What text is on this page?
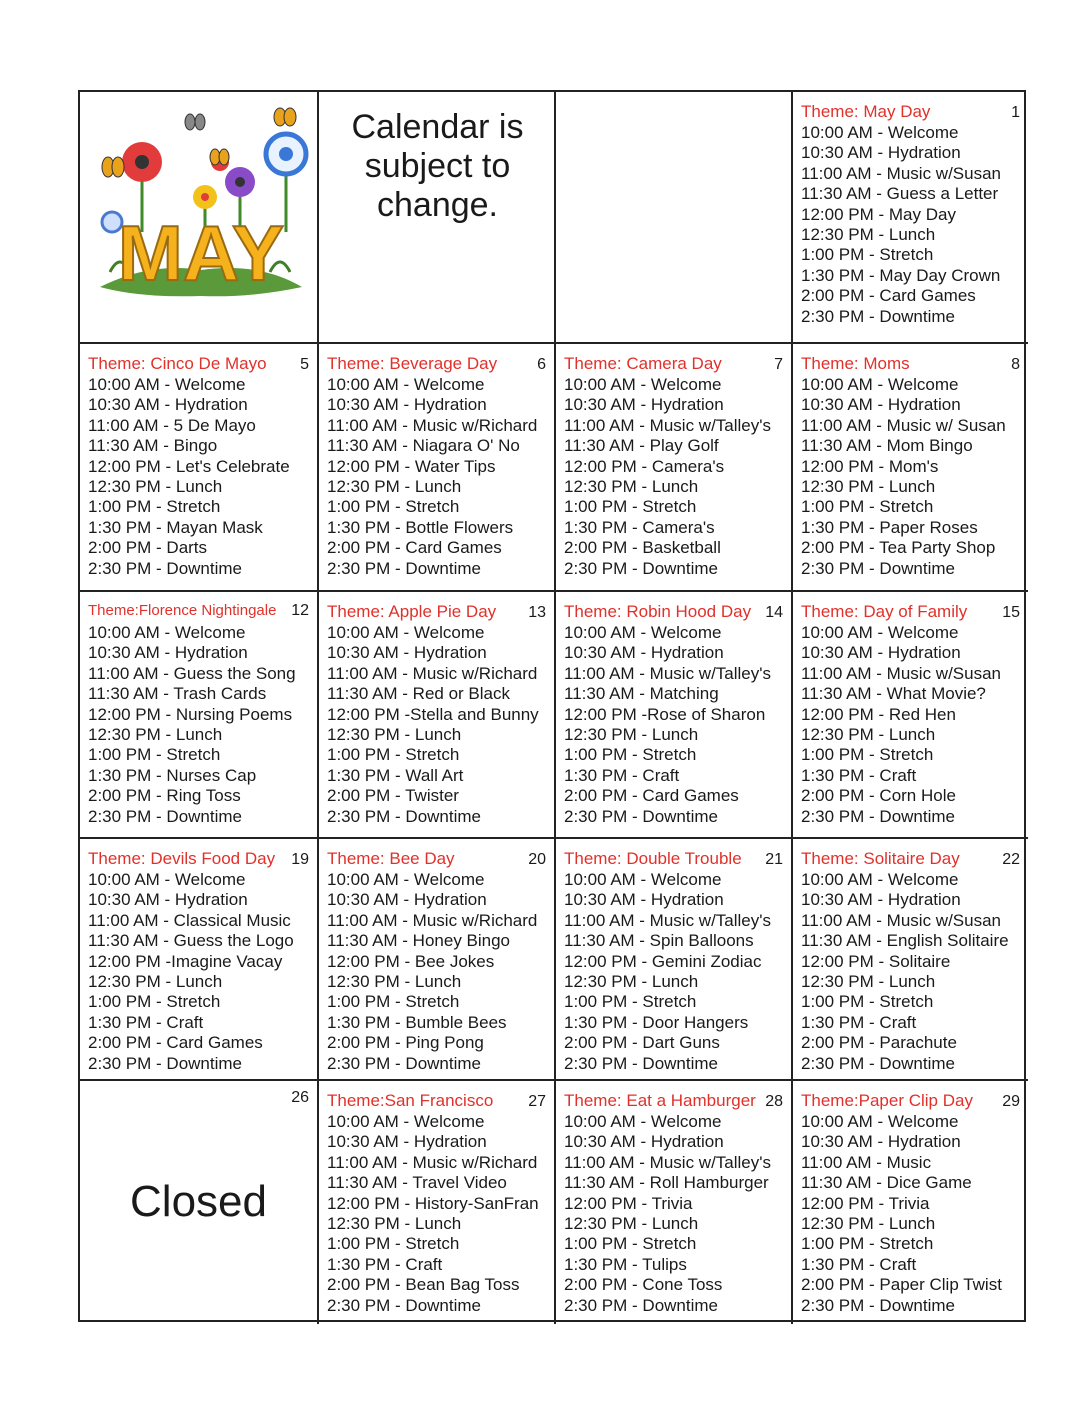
MAY
Calendar is
subject to
change.
Theme: May Day	1
10:00 AM - Welcome
10:30 AM - Hydration
11:00 AM - Music w/Susan
11:30 AM - Guess a Letter
12:00 PM - May Day
12:30 PM - Lunch
1:00 PM - Stretch
1:30 PM - May Day Crown
2:00 PM - Card Games
2:30 PM - Downtime
Theme: Cinco De Mayo 5
10:00 AM - Welcome
10:30 AM - Hydration
11:00 AM - 5 De Mayo
11:30 AM - Bingo
12:00 PM - Let's Celebrate
12:30 PM - Lunch
1:00 PM - Stretch
1:30 PM - Mayan Mask
2:00 PM - Darts
2:30 PM - Downtime
Theme: Beverage Day	6
10:00 AM - Welcome
10:30 AM - Hydration
11:00 AM - Music w/Richard
11:30 AM - Niagara O' No
12:00 PM - Water Tips
12:30 PM - Lunch
1:00 PM - Stretch
1:30 PM - Bottle Flowers
2:00 PM - Card Games
2:30 PM - Downtime
Theme: Camera Day	7
10:00 AM - Welcome
10:30 AM - Hydration
11:00 AM - Music w/Talley's
11:30 AM - Play Golf
12:00 PM - Camera's
12:30 PM - Lunch
1:00 PM - Stretch
1:30 PM - Camera's
2:00 PM - Basketball
2:30 PM - Downtime
Theme: Moms	8
10:00 AM - Welcome
10:30 AM - Hydration
11:00 AM - Music w/ Susan
11:30 AM - Mom Bingo
12:00 PM - Mom's
12:30 PM - Lunch
1:00 PM - Stretch
1:30 PM - Paper Roses
2:00 PM - Tea Party Shop
2:30 PM - Downtime
Theme:Florence Nightingale 12
10:00 AM - Welcome
10:30 AM - Hydration
11:00 AM - Guess the Song
11:30 AM - Trash Cards
12:00 PM - Nursing Poems
12:30 PM - Lunch
1:00 PM - Stretch
1:30 PM - Nurses Cap
2:00 PM - Ring Toss
2:30 PM - Downtime
Theme: Apple Pie Day 13
10:00 AM - Welcome
10:30 AM - Hydration
11:00 AM - Music w/Richard
11:30 AM - Red or Black
12:00 PM -Stella and Bunny
12:30 PM - Lunch
1:00 PM - Stretch
1:30 PM - Wall Art
2:00 PM - Twister
2:30 PM - Downtime
Theme: Robin Hood Day 14
10:00 AM - Welcome
10:30 AM - Hydration
11:00 AM - Music w/Talley's
11:30 AM - Matching
12:00 PM -Rose of Sharon
12:30 PM - Lunch
1:00 PM - Stretch
1:30 PM - Craft
2:00 PM - Card Games
2:30 PM - Downtime
Theme: Day of Family 15
10:00 AM - Welcome
10:30 AM - Hydration
11:00 AM - Music w/Susan
11:30 AM - What Movie?
12:00 PM - Red Hen
12:30 PM - Lunch
1:00 PM - Stretch
1:30 PM - Craft
2:00 PM - Corn Hole
2:30 PM - Downtime
Theme: Devils Food Day 19
10:00 AM - Welcome
10:30 AM - Hydration
11:00 AM - Classical Music
11:30 AM - Guess the Logo
12:00 PM -Imagine Vacay
12:30 PM - Lunch
1:00 PM - Stretch
1:30 PM - Craft
2:00 PM - Card Games
2:30 PM - Downtime
Theme: Bee Day	20
10:00 AM - Welcome
10:30 AM - Hydration
11:00 AM - Music w/Richard
11:30 AM - Honey Bingo
12:00 PM - Bee Jokes
12:30 PM - Lunch
1:00 PM - Stretch
1:30 PM - Bumble Bees
2:00 PM - Ping Pong
2:30 PM - Downtime
Theme: Double Trouble 21
10:00 AM - Welcome
10:30 AM - Hydration
11:00 AM - Music w/Talley's
11:30 AM - Spin Balloons
12:00 PM - Gemini Zodiac
12:30 PM - Lunch
1:00 PM - Stretch
1:30 PM - Door Hangers
2:00 PM - Dart Guns
2:30 PM - Downtime
Theme: Solitaire Day	22
10:00 AM - Welcome
10:30 AM - Hydration
11:00 AM - Music w/Susan
11:30 AM - English Solitaire
12:00 PM - Solitaire
12:30 PM - Lunch
1:00 PM - Stretch
1:30 PM - Craft
2:00 PM - Parachute
2:30 PM - Downtime
26
Closed
Theme:San Francisco 27
10:00 AM - Welcome
10:30 AM - Hydration
11:00 AM - Music w/Richard
11:30 AM - Travel Video
12:00 PM - History-SanFran
12:30 PM - Lunch
1:00 PM - Stretch
1:30 PM - Craft
2:00 PM - Bean Bag Toss
2:30 PM - Downtime
Theme: Eat a Hamburger 28
10:00 AM - Welcome
10:30 AM - Hydration
11:00 AM - Music w/Talley's
11:30 AM - Roll Hamburger
12:00 PM - Trivia
12:30 PM - Lunch
1:00 PM - Stretch
1:30 PM - Tulips
2:00 PM - Cone Toss
2:30 PM - Downtime
Theme:Paper Clip Day 29
10:00 AM - Welcome
10:30 AM - Hydration
11:00 AM - Music
11:30 AM - Dice Game
12:00 PM - Trivia
12:30 PM - Lunch
1:00 PM - Stretch
1:30 PM - Craft
2:00 PM - Paper Clip Twist
2:30 PM - Downtime
